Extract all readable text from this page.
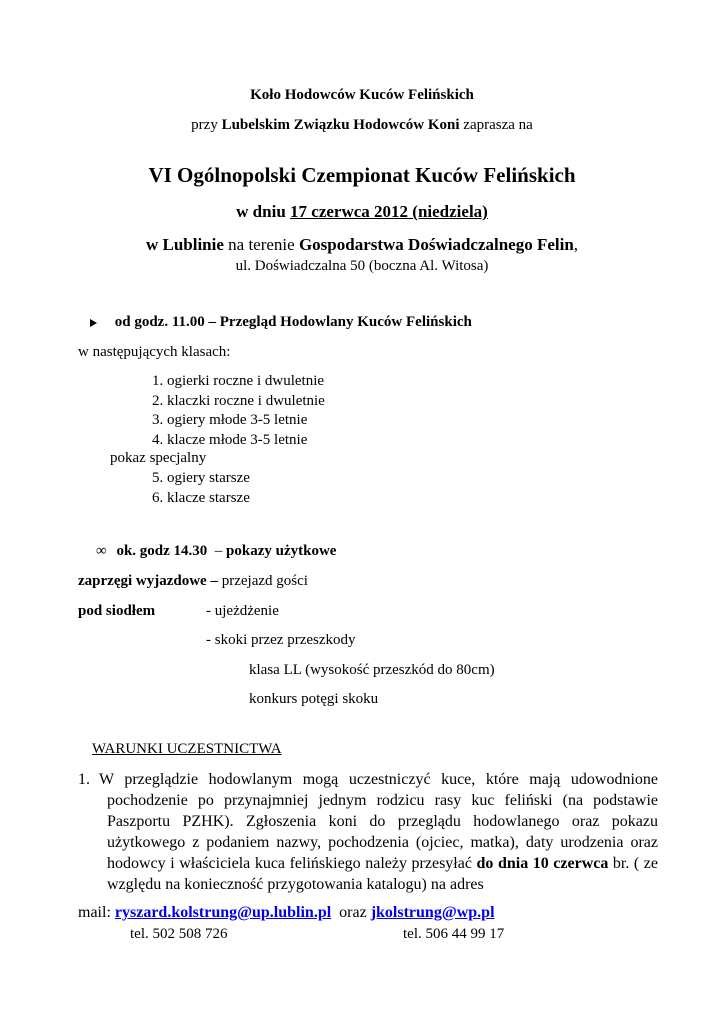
Koło Hodowców Kuców Felińskich
przy Lubelskim Związku Hodowców Koni zaprasza na
VI Ogólnopolski Czempionat Kuców Felińskich
w dniu 17 czerwca 2012 (niedziela)
w Lublinie na terenie Gospodarstwa Doświadczalnego Felin,
ul. Doświadczalna 50 (boczna Al. Witosa)
od godz. 11.00 – Przegląd Hodowlany Kuców Felińskich
w następujących klasach:
1. ogierki roczne i dwuletnie
2. klaczki roczne i dwuletnie
3. ogiery młode 3-5 letnie
4. klacze młode 3-5 letnie
pokaz specjalny
5. ogiery starsze
6. klacze starsze
∞ ok. godz 14.30  – pokazy użytkowe
zaprzęgi wyjazdowe – przejazd gości
pod siodłem	- ujeżdżenie
- skoki przez przeszkody
klasa LL (wysokość przeszkód do 80cm)
konkurs potęgi skoku
WARUNKI UCZESTNICTWA
1. W przeglądzie hodowlanym mogą uczestniczyć kuce, które mają udowodnione pochodzenie po przynajmniej jednym rodzicu rasy kuc feliński (na podstawie Paszportu PZHK). Zgłoszenia koni do przeglądu hodowlanego oraz pokazu użytkowego z podaniem nazwy, pochodzenia (ojciec, matka), daty urodzenia oraz hodowcy i właściciela kuca felińskiego należy przesyłać do dnia 10 czerwca br. ( ze względu na konieczność przygotowania katalogu) na adres
mail: ryszard.kolstrung@up.lublin.pl  oraz jkolstrung@wp.pl
tel. 502 508 726	tel. 506 44 99 17
